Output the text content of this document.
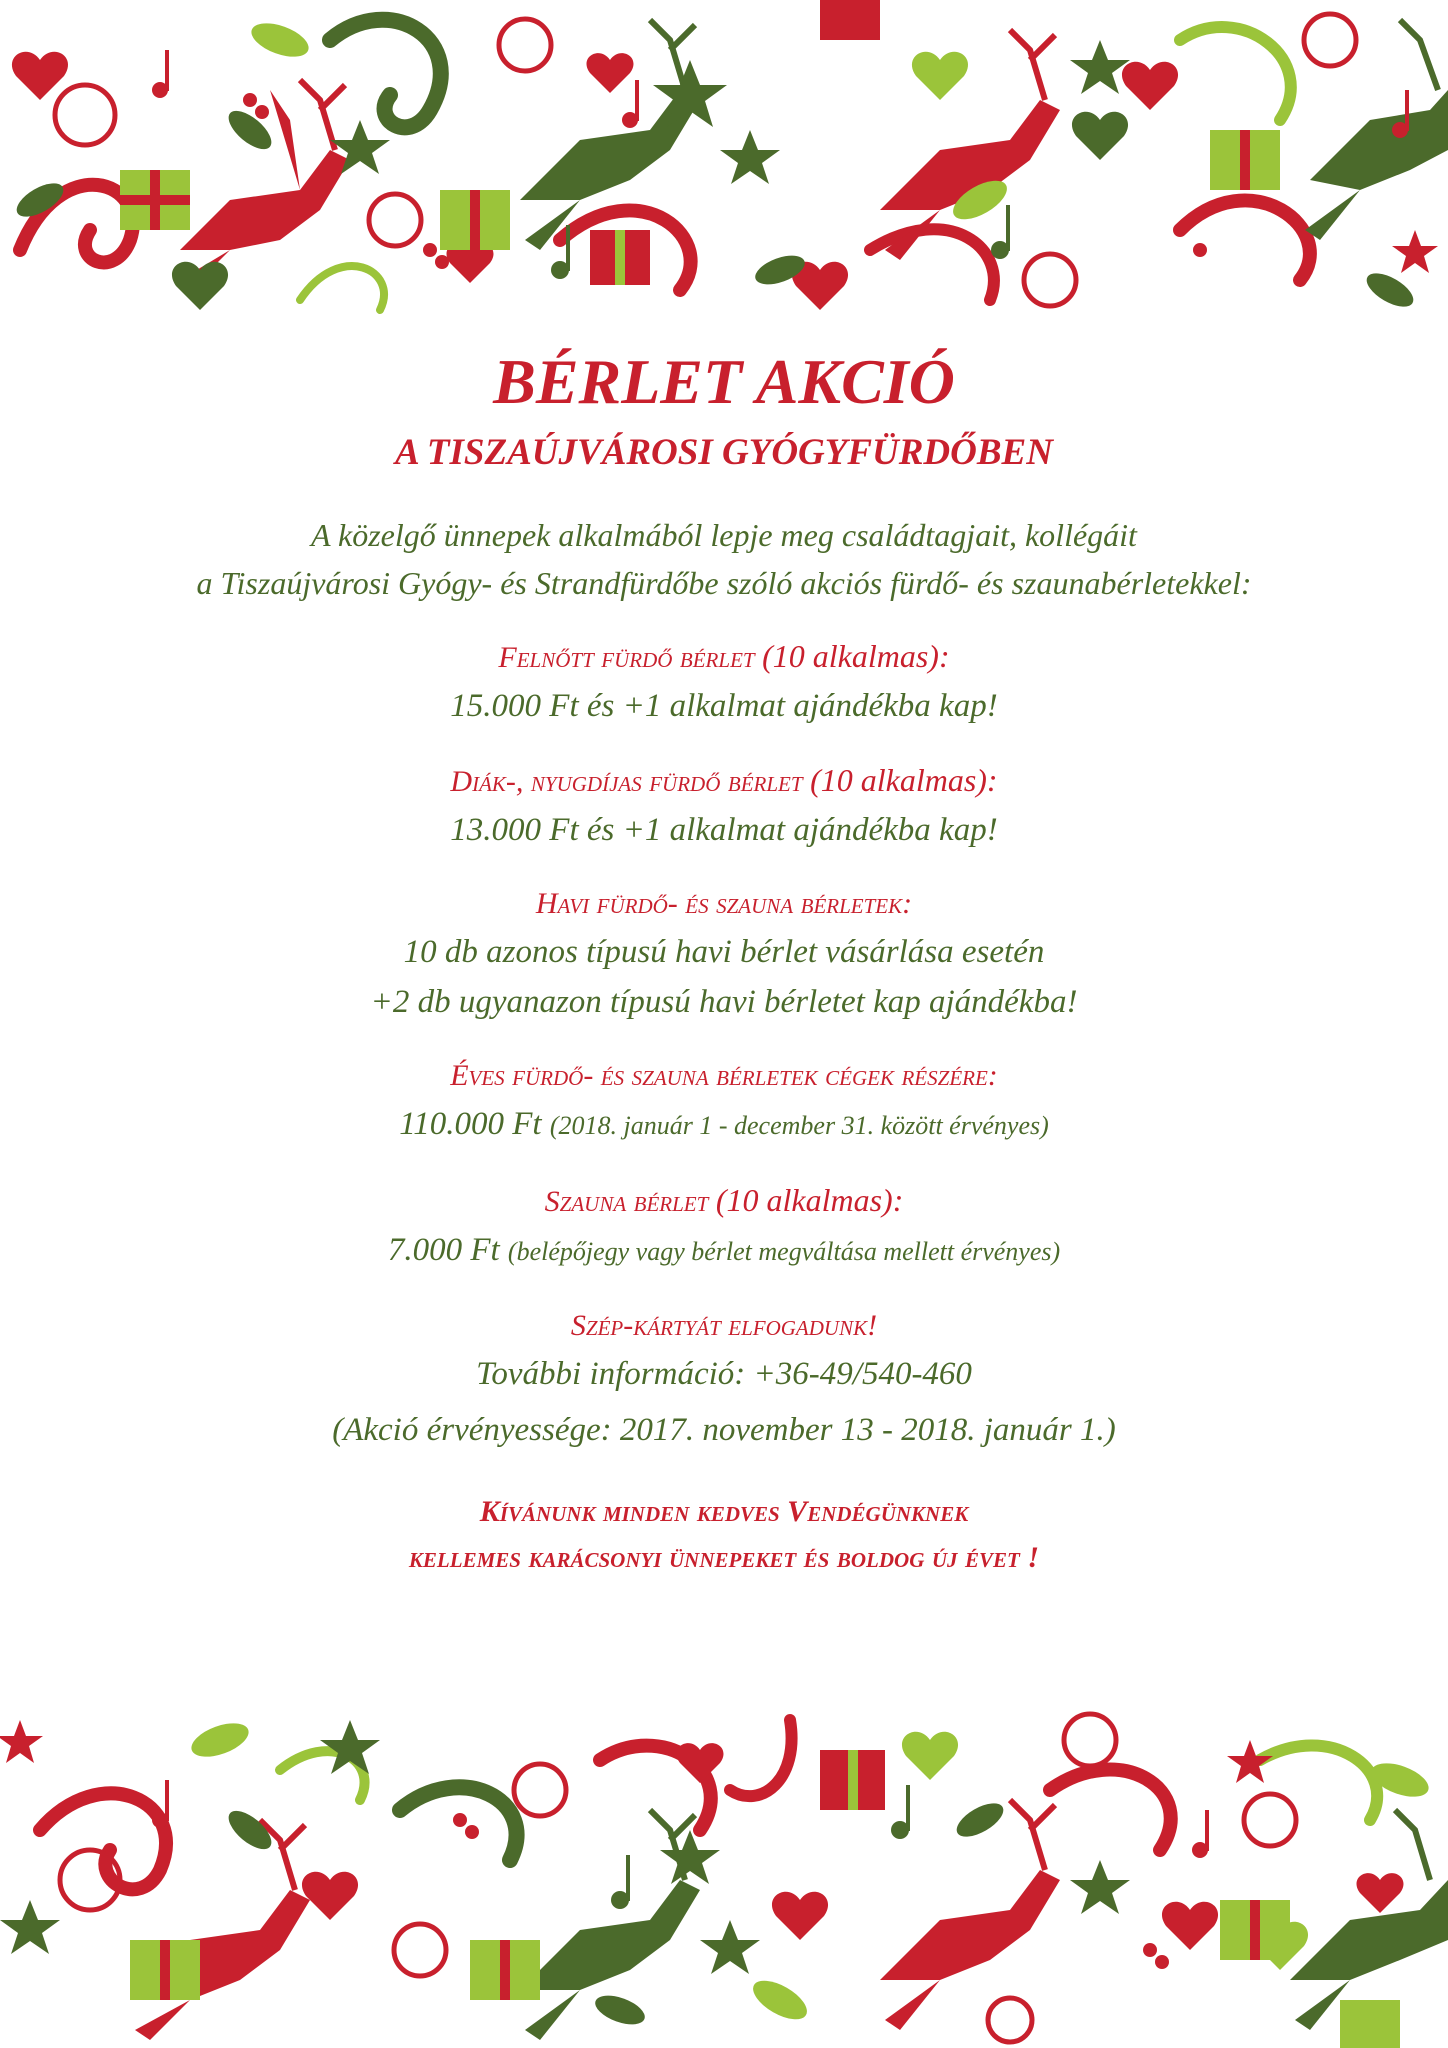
BÉRLET AKCIÓ
A TISZAÚJVÁROSI GYÓGYFÜRDŐBEN
A közelgő ünnepek alkalmából lepje meg családtagjait, kollégáit
a Tiszaújvárosi Gyógy- és Strandfürdőbe szóló akciós fürdő- és szaunabérletekkel:
Felnőtt fürdő bérlet (10 alkalmas):
15.000 Ft és +1 alkalmat ajándékba kap!
Diák-, nyugdíjas fürdő bérlet (10 alkalmas):
13.000 Ft és +1 alkalmat ajándékba kap!
Havi fürdő- és szauna bérletek:
10 db azonos típusú havi bérlet vásárlása esetén
+2 db ugyanazon típusú havi bérletet kap ajándékba!
Éves fürdő- és szauna bérletek cégek részére:
110.000 Ft (2018. január 1 - december 31. között érvényes)
Szauna bérlet (10 alkalmas):
7.000 Ft (belépőjegy vagy bérlet megváltása mellett érvényes)
Szép-kártyát elfogadunk!
További információ: +36-49/540-460
(Akció érvényessége: 2017. november 13 - 2018. január 1.)
Kívánunk minden kedves Vendégünknek
kellemes karácsonyi ünnepeket és boldog új évet !
